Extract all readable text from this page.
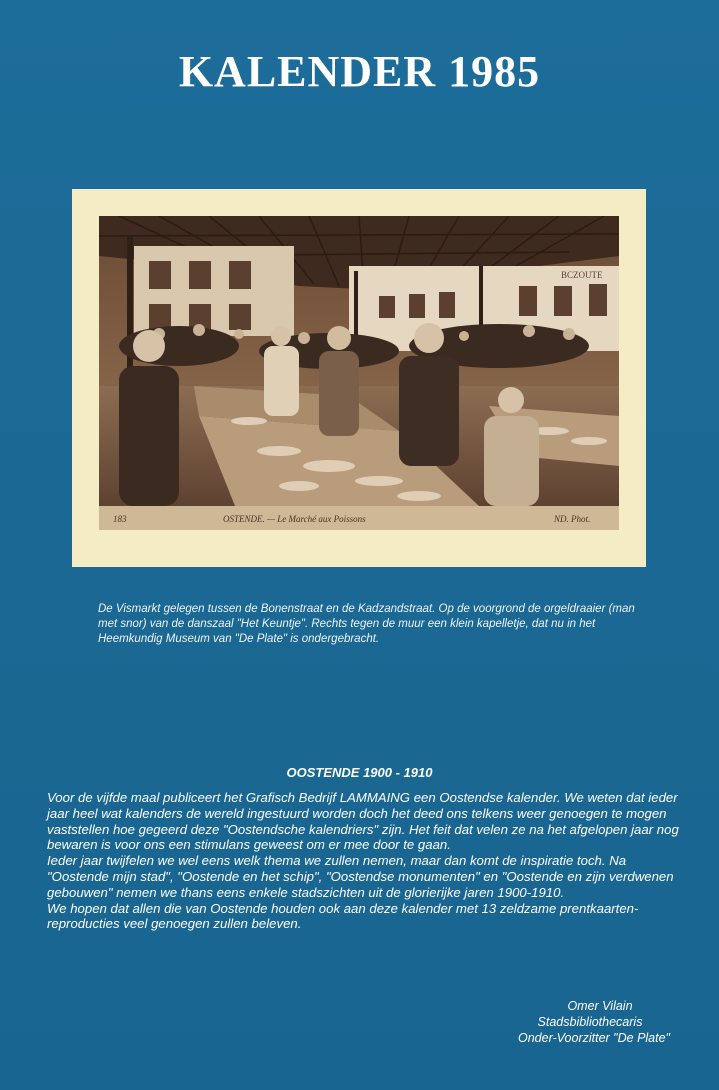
KALENDER 1985
BCZOUTE
183	OSTENDE. — Le Marché aux Poissons	ND. Phot.
De Vismarkt gelegen tussen de Bonenstraat en de Kadzandstraat. Op de voorgrond de orgeldraaier (man met snor) van de danszaal "Het Keuntje". Rechts tegen de muur een klein kapelletje, dat nu in het Heemkundig Museum van "De Plate" is ondergebracht.
OOSTENDE 1900 - 1910

Voor de vijfde maal publiceert het Grafisch Bedrijf LAMMAING een Oostendse kalender. We weten dat ieder jaar heel wat kalenders de wereld ingestuurd worden doch het deed ons telkens weer genoegen te mogen vaststellen hoe gegeerd deze "Oostendsche kalendriers" zijn. Het feit dat velen ze na het afgelopen jaar nog bewaren is voor ons een stimulans geweest om er mee door te gaan.

Ieder jaar twijfelen we wel eens welk thema we zullen nemen, maar dan komt de inspiratie toch. Na "Oostende mijn stad", "Oostende en het schip", "Oostendse monumenten" en "Oostende en zijn verdwenen gebouwen" nemen we thans eens enkele stadszichten uit de glorierijke jaren 1900-1910.

We hopen dat allen die van Oostende houden ook aan deze kalender met 13 zeldzame prentkaarten-reproducties veel genoegen zullen beleven.

Omer Vilain
Stadsbibliothecaris
Onder-Voorzitter "De Plate"
